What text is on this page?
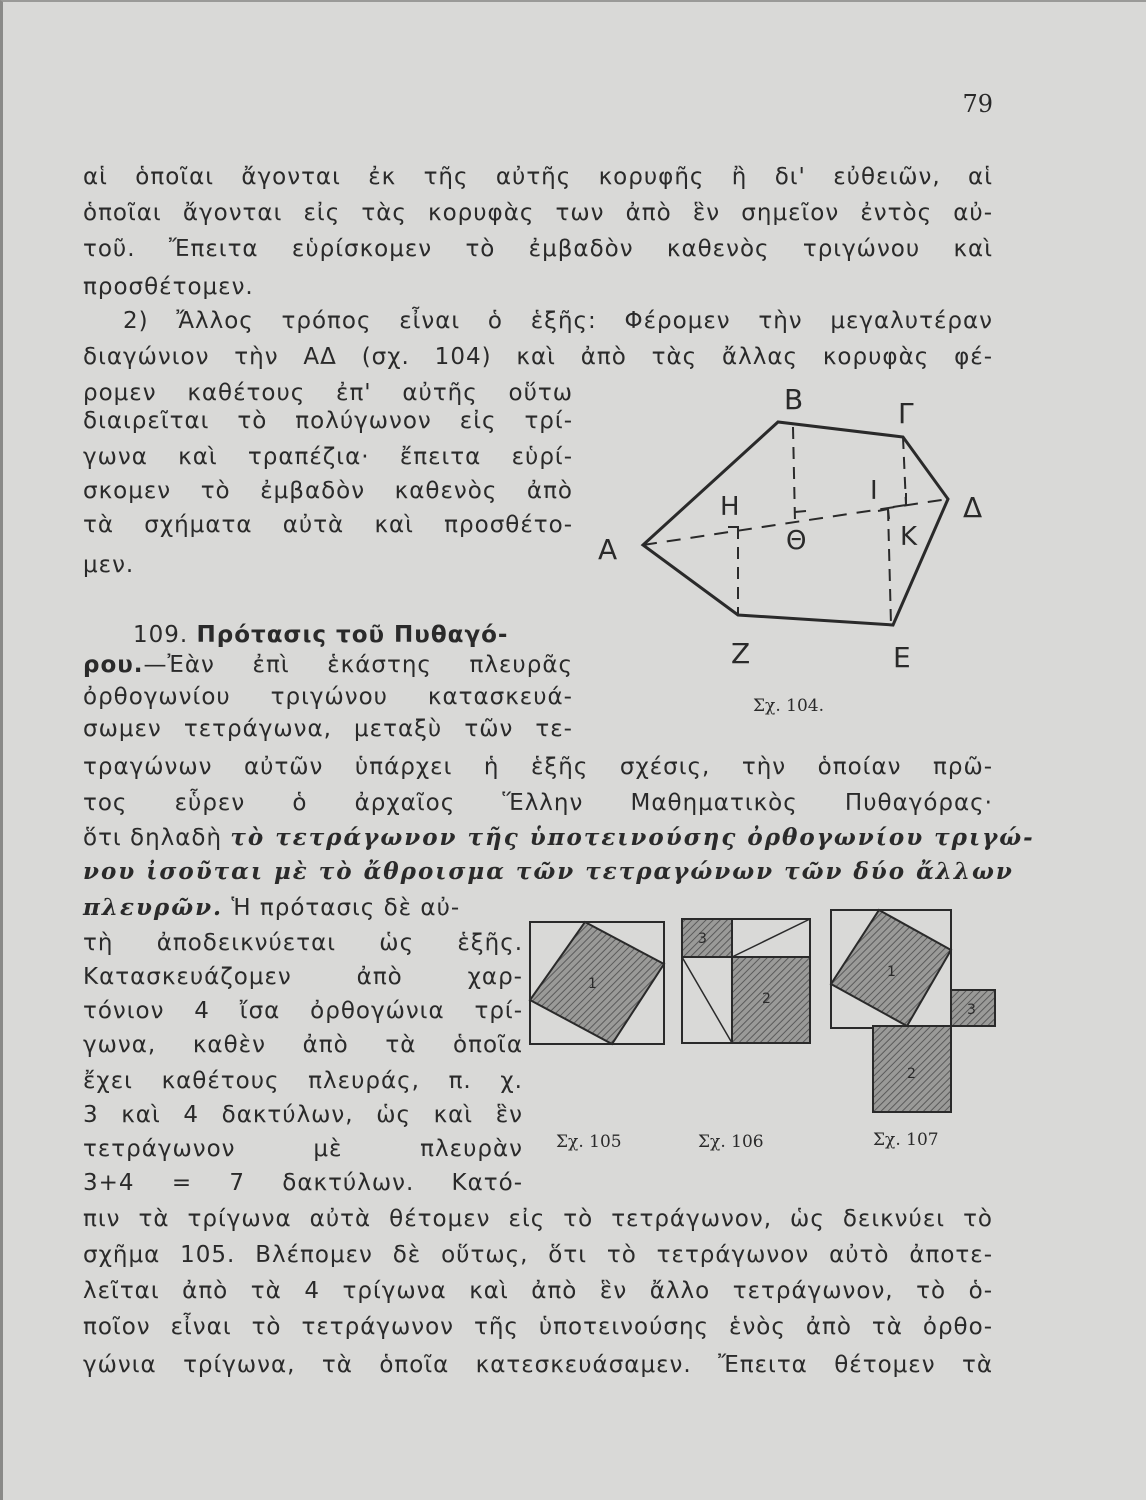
79
αἱ ὁποῖαι ἄγονται ἐκ τῆς αὐτῆς κορυφῆς ἢ δι' εὐθειῶν, αἱ
ὁποῖαι ἄγονται εἰς τὰς κορυφὰς των ἀπὸ ἓν σημεῖον ἐντὸς αὐ-
τοῦ. Ἔπειτα εὑρίσκομεν τὸ ἐμβαδὸν καθενὸς τριγώνου καὶ
προσθέτομεν.
2) Ἄλλος τρόπος εἶναι ὁ ἑξῆς: Φέρομεν τὴν μεγαλυτέραν
διαγώνιον τὴν ΑΔ (σχ. 104) καὶ ἀπὸ τὰς ἄλλας κορυφὰς φέ-
ρομεν καθέτους ἐπ' αὐτῆς οὕτω
διαιρεῖται τὸ πολύγωνον εἰς τρί-
γωνα καὶ τραπέζια· ἔπειτα εὑρί-
σκομεν τὸ ἐμβαδὸν καθενὸς ἀπὸ
τὰ σχήματα αὐτὰ καὶ προσθέτο-
μεν.
109. Πρότασις τοῦ Πυθαγό-
ρου.—Ἐὰν ἐπὶ ἑκάστης πλευρᾶς
ὀρθογωνίου τριγώνου κατασκευά-
σωμεν τετράγωνα, μεταξὺ τῶν τε-
τραγώνων αὐτῶν ὑπάρχει ἡ ἑξῆς σχέσις, τὴν ὁποίαν πρῶ-
τος εὗρεν ὁ ἀρχαῖος Ἕλλην Μαθηματικὸς Πυθαγόρας·
ὅτι δηλαδὴ τὸ τετράγωνον τῆς ὑποτεινούσης ὀρθογωνίου τριγώ-
νου ἰσοῦται μὲ τὸ ἄθροισμα τῶν τετραγώνων τῶν δύο ἄλλων
πλευρῶν. Ἡ πρότασις δὲ αὐ-
τὴ ἀποδεικνύεται ὡς ἑξῆς.
Κατασκευάζομεν ἀπὸ χαρ-
τόνιον 4 ἴσα ὀρθογώνια τρί-
γωνα, καθὲν ἀπὸ τὰ ὁποῖα
ἔχει καθέτους πλευράς, π. χ.
3 καὶ 4 δακτύλων, ὡς καὶ ἓν
τετράγωνον μὲ πλευρὰν
3+4 = 7 δακτύλων. Κατό-
πιν τὰ τρίγωνα αὐτὰ θέτομεν εἰς τὸ τετράγωνον, ὡς δεικνύει τὸ
σχῆμα 105. Βλέπομεν δὲ οὕτως, ὅτι τὸ τετράγωνον αὐτὸ ἀποτε-
λεῖται ἀπὸ τὰ 4 τρίγωνα καὶ ἀπὸ ἓν ἄλλο τετράγωνον, τὸ ὁ-
ποῖον εἶναι τὸ τετράγωνον τῆς ὑποτεινούσης ἑνὸς ἀπὸ τὰ ὀρθο-
γώνια τρίγωνα, τὰ ὁποῖα κατεσκευάσαμεν. Ἔπειτα θέτομεν τὰ
Α
Β	Γ
Δ
Ε
Ζ
Η
Θ
Ι
Κ
Σχ. 104.
1
Σχ. 105
3
2
Σχ. 106
1
3
2
Σχ. 107
